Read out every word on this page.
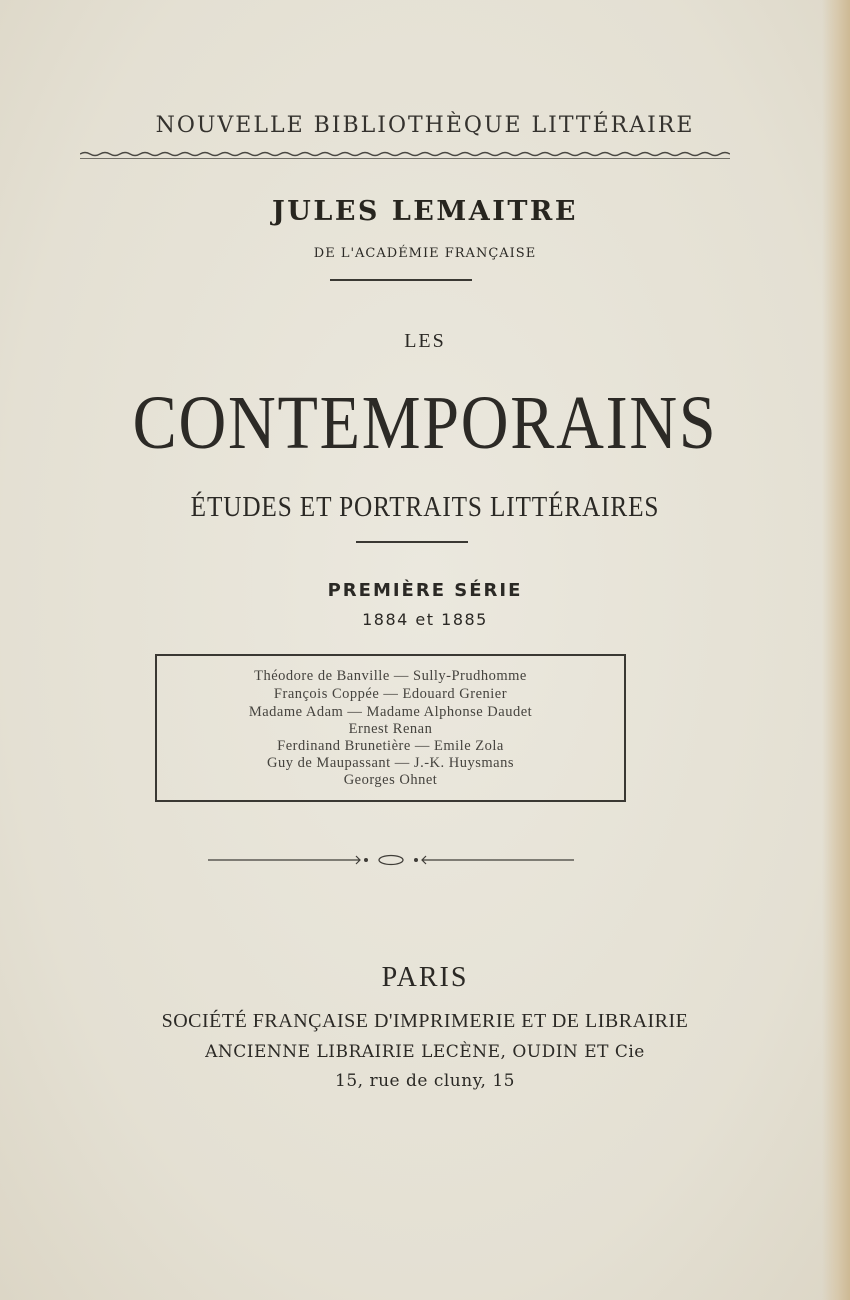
NOUVELLE BIBLIOTHÈQUE LITTÉRAIRE
JULES LEMAITRE
DE L'ACADÉMIE FRANÇAISE
LES
CONTEMPORAINS
ÉTUDES ET PORTRAITS LITTÉRAIRES
PREMIÈRE SÉRIE
1884 et 1885
Théodore de Banville — Sully-Prudhomme
François Coppée — Edouard Grenier
Madame Adam — Madame Alphonse Daudet
Ernest Renan
Ferdinand Brunetière — Emile Zola
Guy de Maupassant — J.-K. Huysmans
Georges Ohnet
PARIS
SOCIÉTÉ FRANÇAISE D'IMPRIMERIE ET DE LIBRAIRIE
ANCIENNE LIBRAIRIE LECÈNE, OUDIN ET Cie
15, rue de cluny, 15
